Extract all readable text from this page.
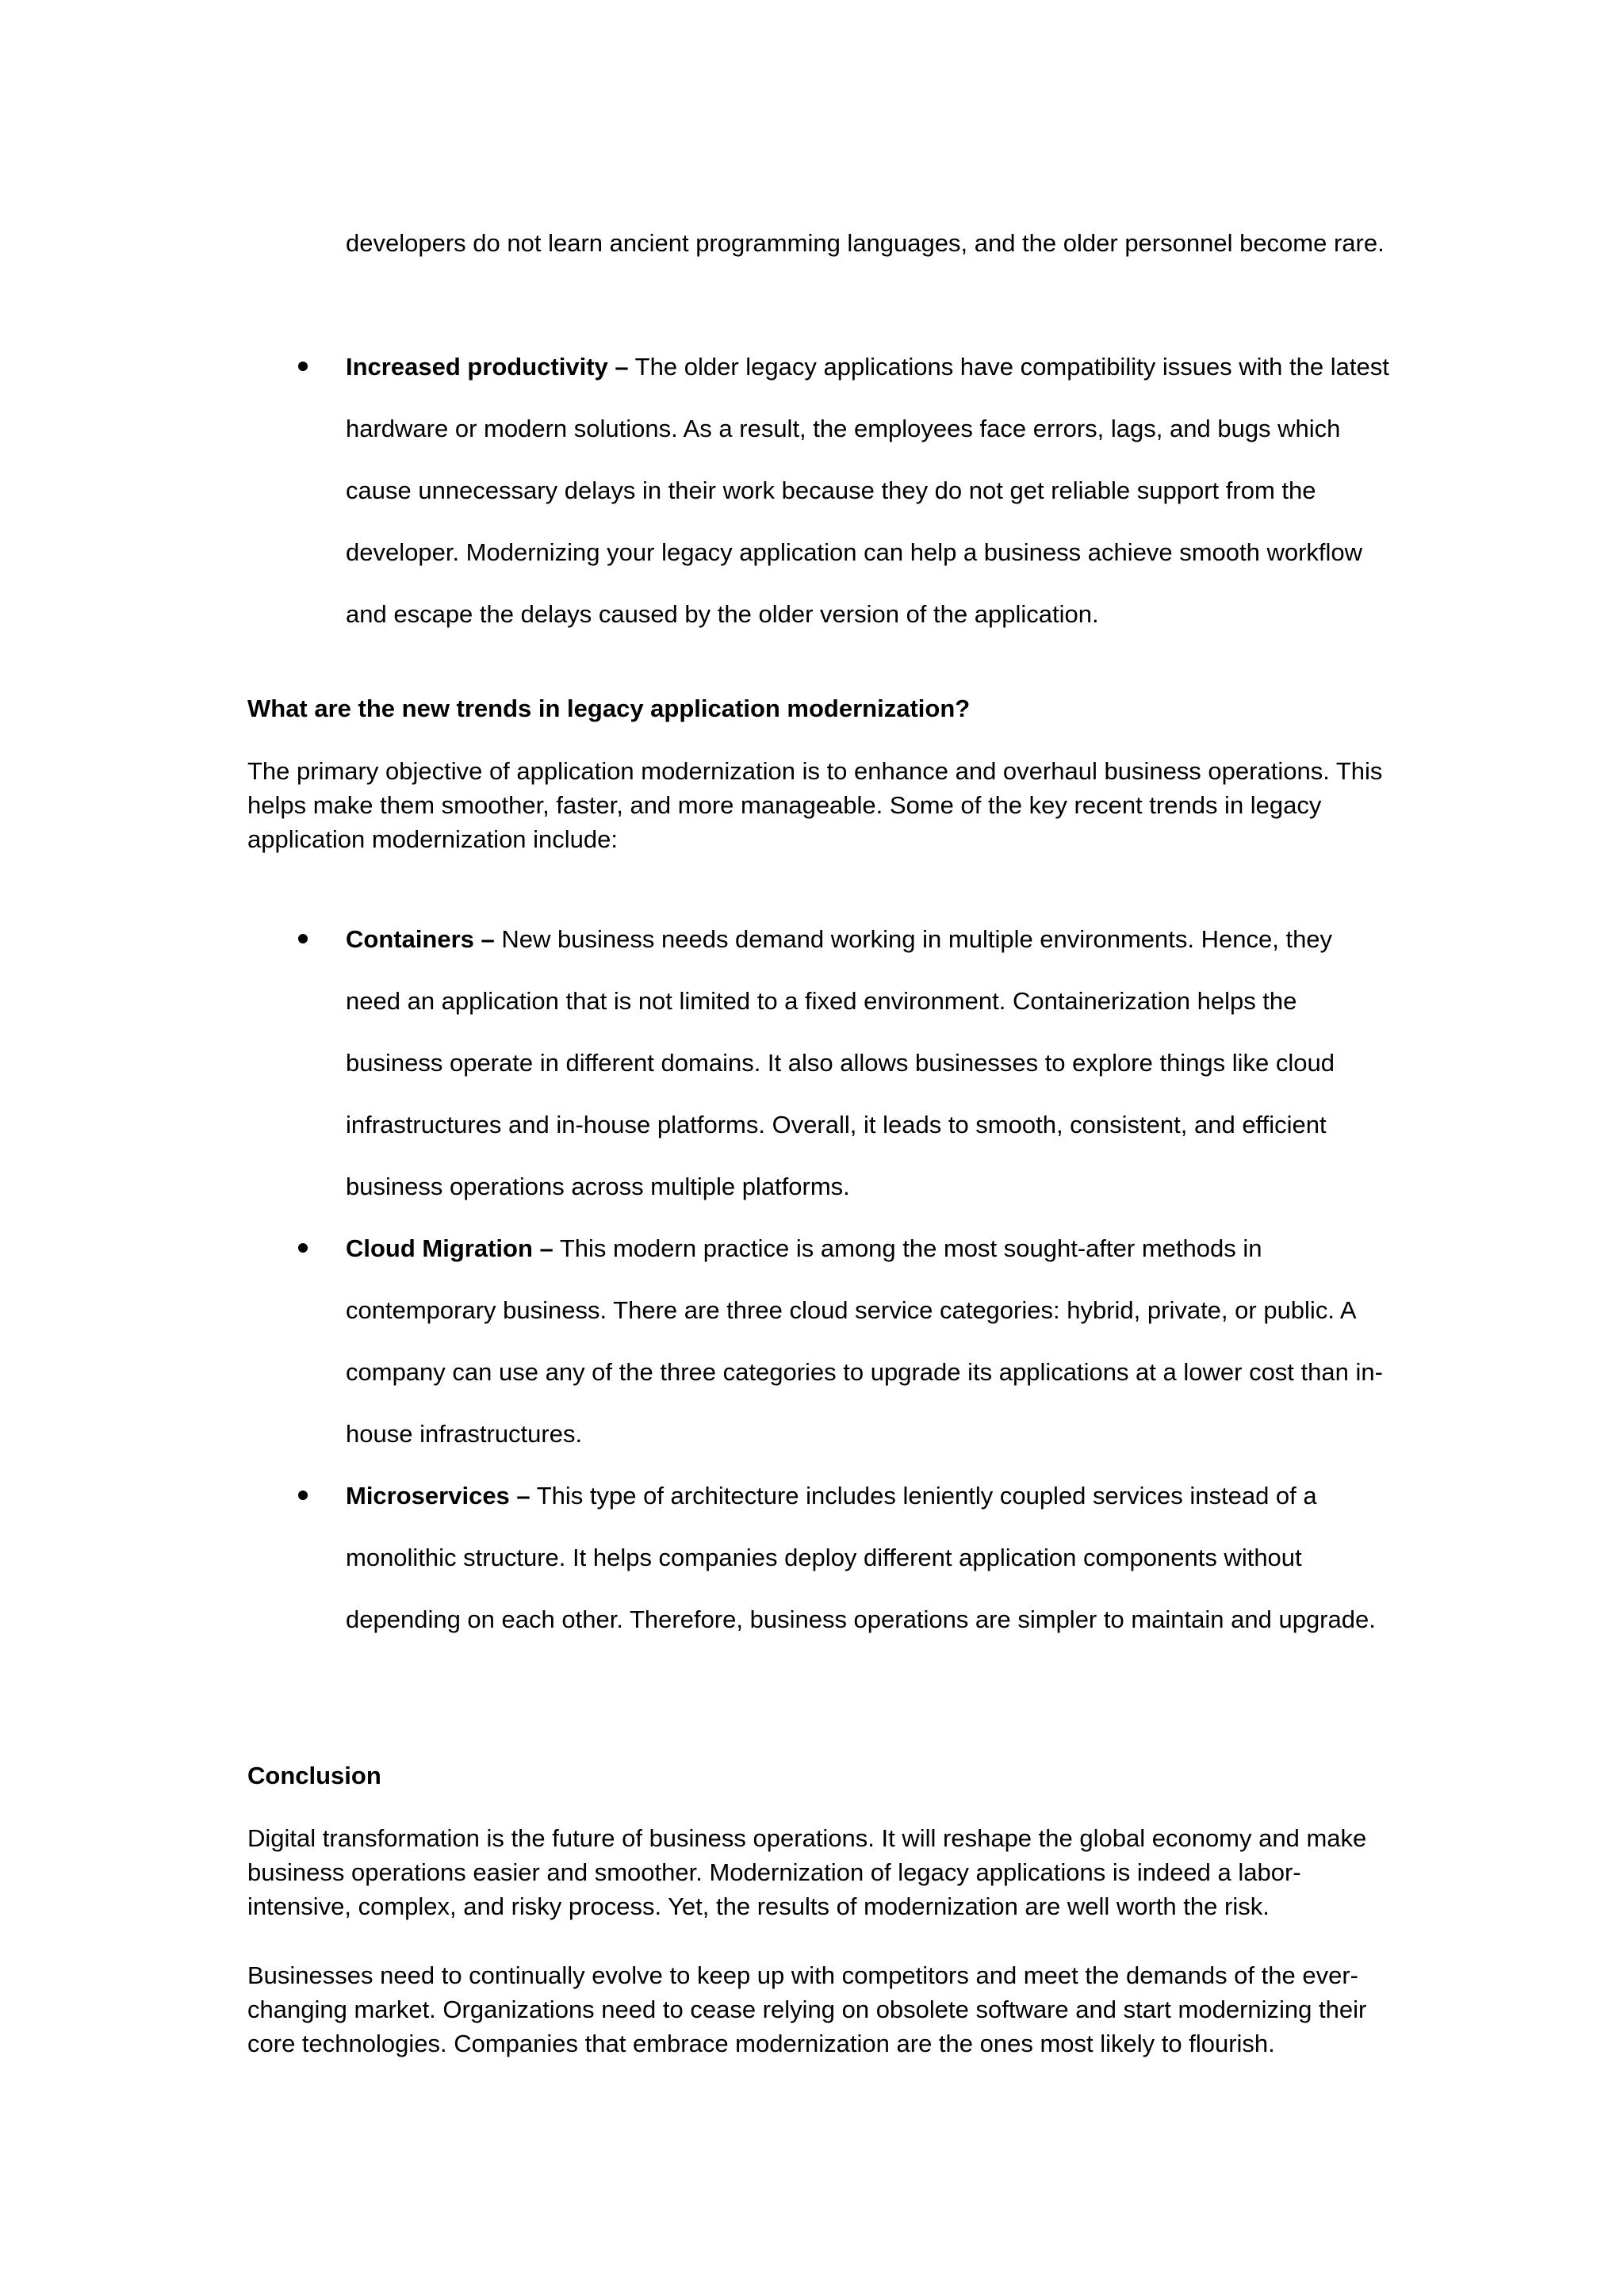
developers do not learn ancient programming languages, and the older personnel become rare.

Increased productivity – The older legacy applications have compatibility issues with the latest hardware or modern solutions. As a result, the employees face errors, lags, and bugs which cause unnecessary delays in their work because they do not get reliable support from the developer. Modernizing your legacy application can help a business achieve smooth workflow and escape the delays caused by the older version of the application.
What are the new trends in legacy application modernization?

The primary objective of application modernization is to enhance and overhaul business operations. This helps make them smoother, faster, and more manageable. Some of the key recent trends in legacy application modernization include:

Containers – New business needs demand working in multiple environments. Hence, they need an application that is not limited to a fixed environment. Containerization helps the business operate in different domains. It also allows businesses to explore things like cloud infrastructures and in-house platforms. Overall, it leads to smooth, consistent, and efficient business operations across multiple platforms.
Cloud Migration – This modern practice is among the most sought-after methods in contemporary business. There are three cloud service categories: hybrid, private, or public. A company can use any of the three categories to upgrade its applications at a lower cost than in-house infrastructures.
Microservices – This type of architecture includes leniently coupled services instead of a monolithic structure. It helps companies deploy different application components without depending on each other. Therefore, business operations are simpler to maintain and upgrade.
Conclusion

Digital transformation is the future of business operations. It will reshape the global economy and make business operations easier and smoother. Modernization of legacy applications is indeed a labor-intensive, complex, and risky process. Yet, the results of modernization are well worth the risk.

Businesses need to continually evolve to keep up with competitors and meet the demands of the ever-changing market. Organizations need to cease relying on obsolete software and start modernizing their core technologies. Companies that embrace modernization are the ones most likely to flourish.
